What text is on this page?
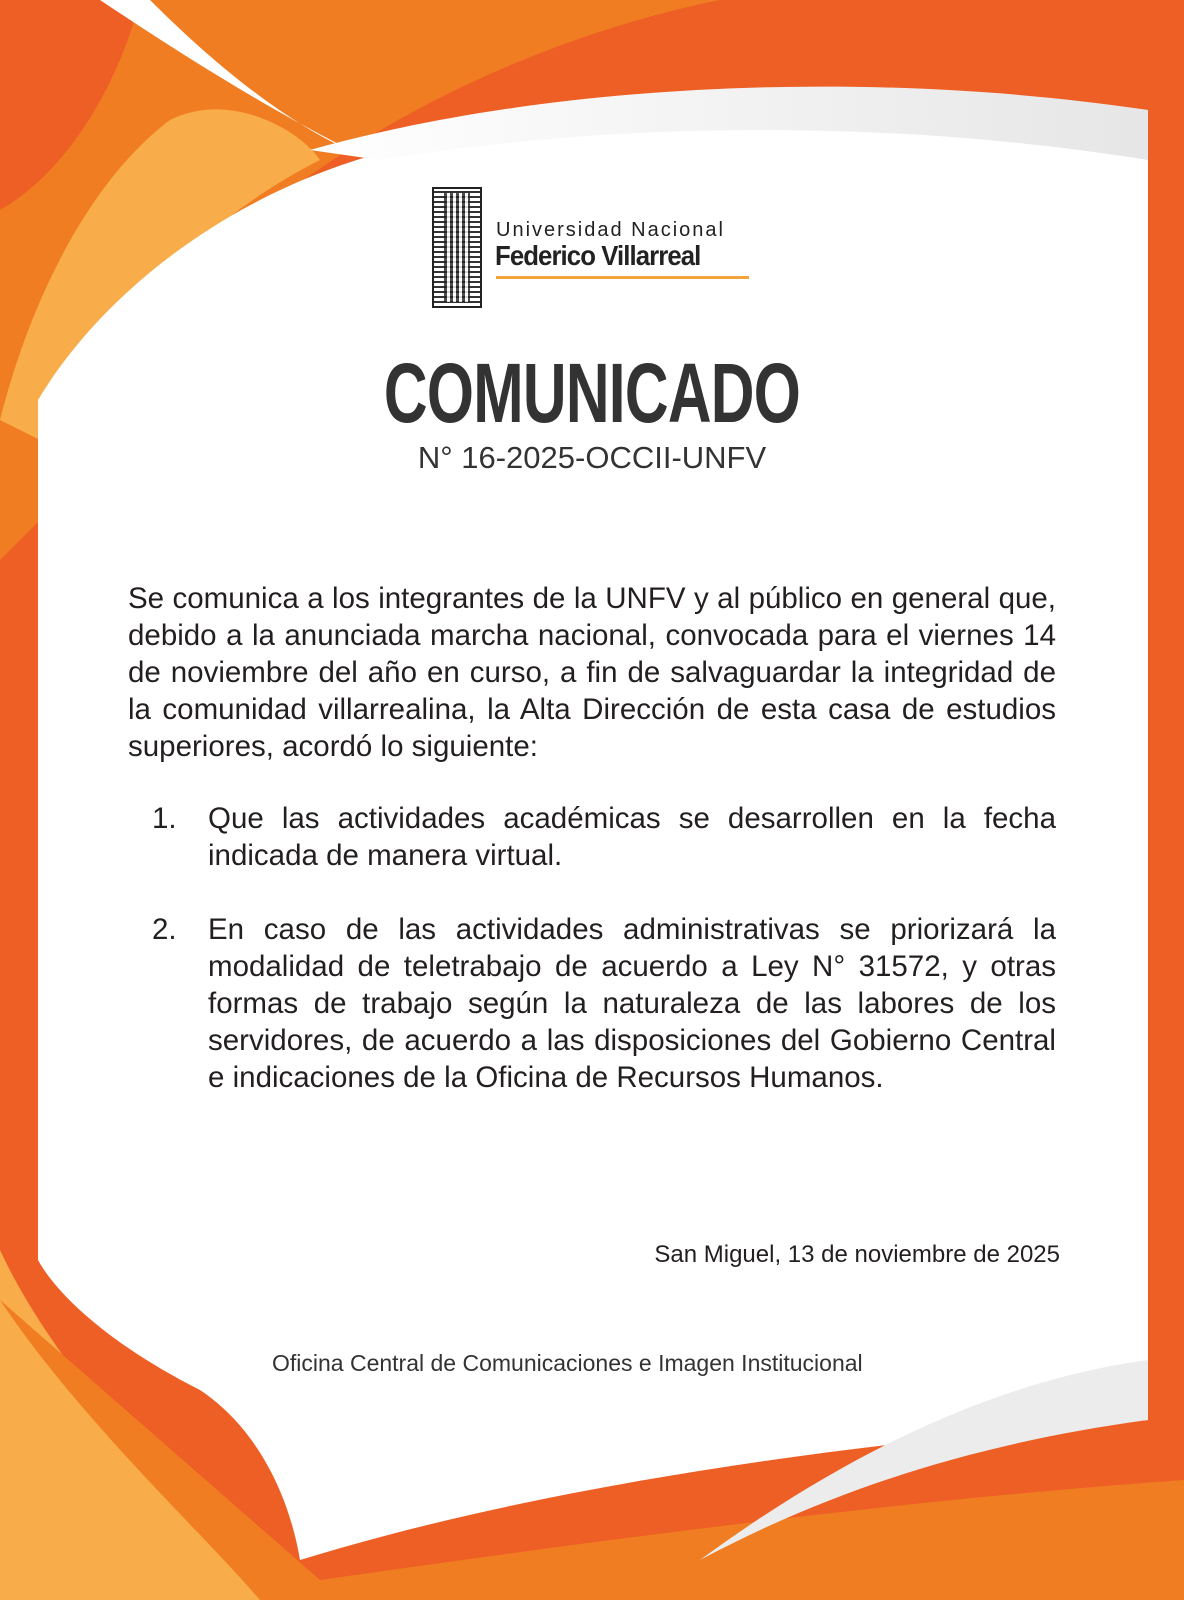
Universidad Nacional
Federico Villarreal
COMUNICADO
N° 16-2025-OCCII-UNFV

Se comunica a los integrantes de la UNFV y al público en general que, debido a la anunciada marcha nacional, convocada para el viernes 14 de noviembre del año en curso, a fin de salvaguardar la integridad de la comunidad villarrealina, la Alta Dirección de esta casa de estudios superiores, acordó lo siguiente:

1. Que las actividades académicas se desarrollen en la fecha indicada de manera virtual.
2. En caso de las actividades administrativas se priorizará la modalidad de teletrabajo de acuerdo a Ley N° 31572, y otras formas de trabajo según la naturaleza de las labores de los servidores, de acuerdo a las disposiciones del Gobierno Central e indicaciones de la Oficina de Recursos Humanos.
San Miguel, 13 de noviembre de 2025
Oficina Central de Comunicaciones e Imagen Institucional
